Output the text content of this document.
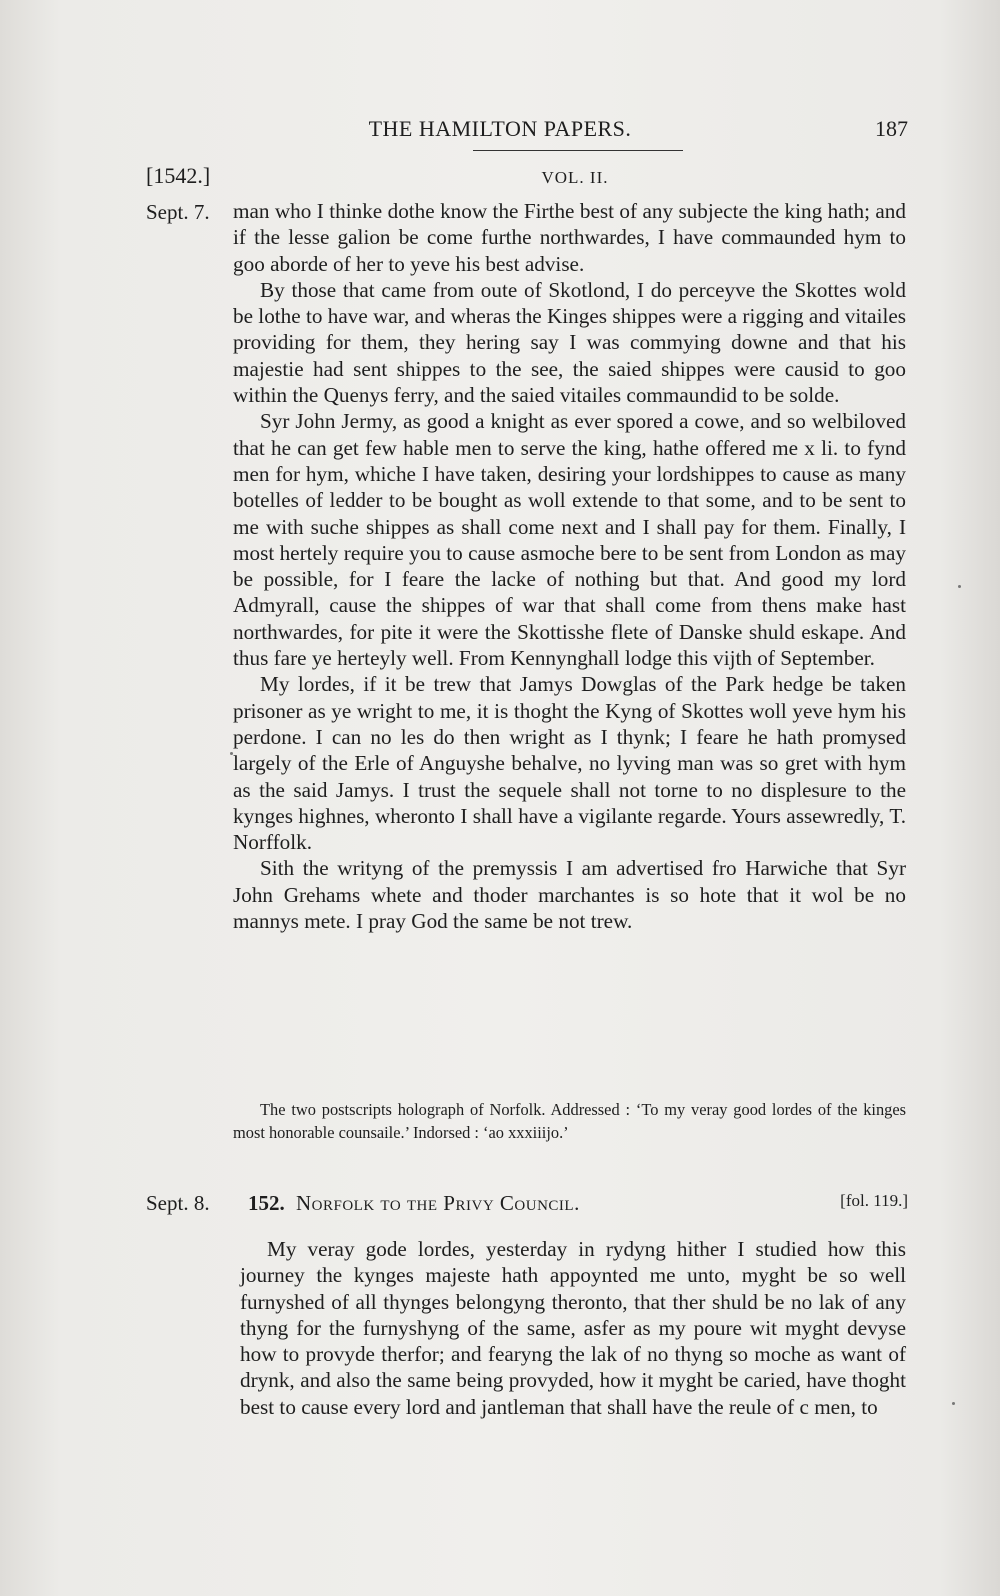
THE HAMILTON PAPERS.	187
[1542.]	VOL. II.
Sept. 7. man who I thinke dothe know the Firthe best of any subjecte the king hath; and if the lesse galion be come furthe northwardes, I have commaunded hym to goo aborde of her to yeve his best advise.

By those that came from oute of Skotlond, I do perceyve the Skottes wold be lothe to have war, and wheras the Kinges shippes were a rigging and vitailes providing for them, they hering say I was commying downe and that his majestie had sent shippes to the see, the saied shippes were causid to goo within the Quenys ferry, and the saied vitailes commaundid to be solde.

Syr John Jermy, as good a knight as ever spored a cowe, and so welbiloved that he can get few hable men to serve the king, hathe offered me x li. to fynd men for hym, whiche I have taken, desiring your lordshippes to cause as many botelles of ledder to be bought as woll extende to that some, and to be sent to me with suche shippes as shall come next and I shall pay for them. Finally, I most hertely require you to cause asmoche bere to be sent from London as may be possible, for I feare the lacke of nothing but that. And good my lord Admyrall, cause the shippes of war that shall come from thens make hast northwardes, for pite it were the Skottisshe flete of Danske shuld eskape. And thus fare ye herteyly well. From Kennynghall lodge this vijth of September.

My lordes, if it be trew that Jamys Dowglas of the Park hedge be taken prisoner as ye wright to me, it is thoght the Kyng of Skottes woll yeve hym his perdone. I can no les do then wright as I thynk; I feare he hath promysed largely of the Erle of Anguyshe behalve, no lyving man was so gret with hym as the said Jamys. I trust the sequele shall not torne to no displesure to the kynges highnes, wheronto I shall have a vigilante regarde. Yours assewredly, T. Norffolk.

Sith the writyng of the premyssis I am advertised fro Harwiche that Syr John Grehams whete and thoder marchantes is so hote that it wol be no mannys mete. I pray God the same be not trew.

The two postscripts holograph of Norfolk. Addressed : ‘To my veray good lordes of the kinges most honorable counsaile.’ Indorsed : ‘ao xxxiiijo.’

Sept. 8. 152. Norfolk to the Privy Council.	[fol. 119.]

My veray gode lordes, yesterday in rydyng hither I studied how this journey the kynges majeste hath appoynted me unto, myght be so well furnyshed of all thynges belongyng theronto, that ther shuld be no lak of any thyng for the furnyshyng of the same, asfer as my poure wit myght devyse how to provyde therfor; and fearyng the lak of no thyng so moche as want of drynk, and also the same being provyded, how it myght be caried, have thoght best to cause every lord and jantleman that shall have the reule of c men, to
